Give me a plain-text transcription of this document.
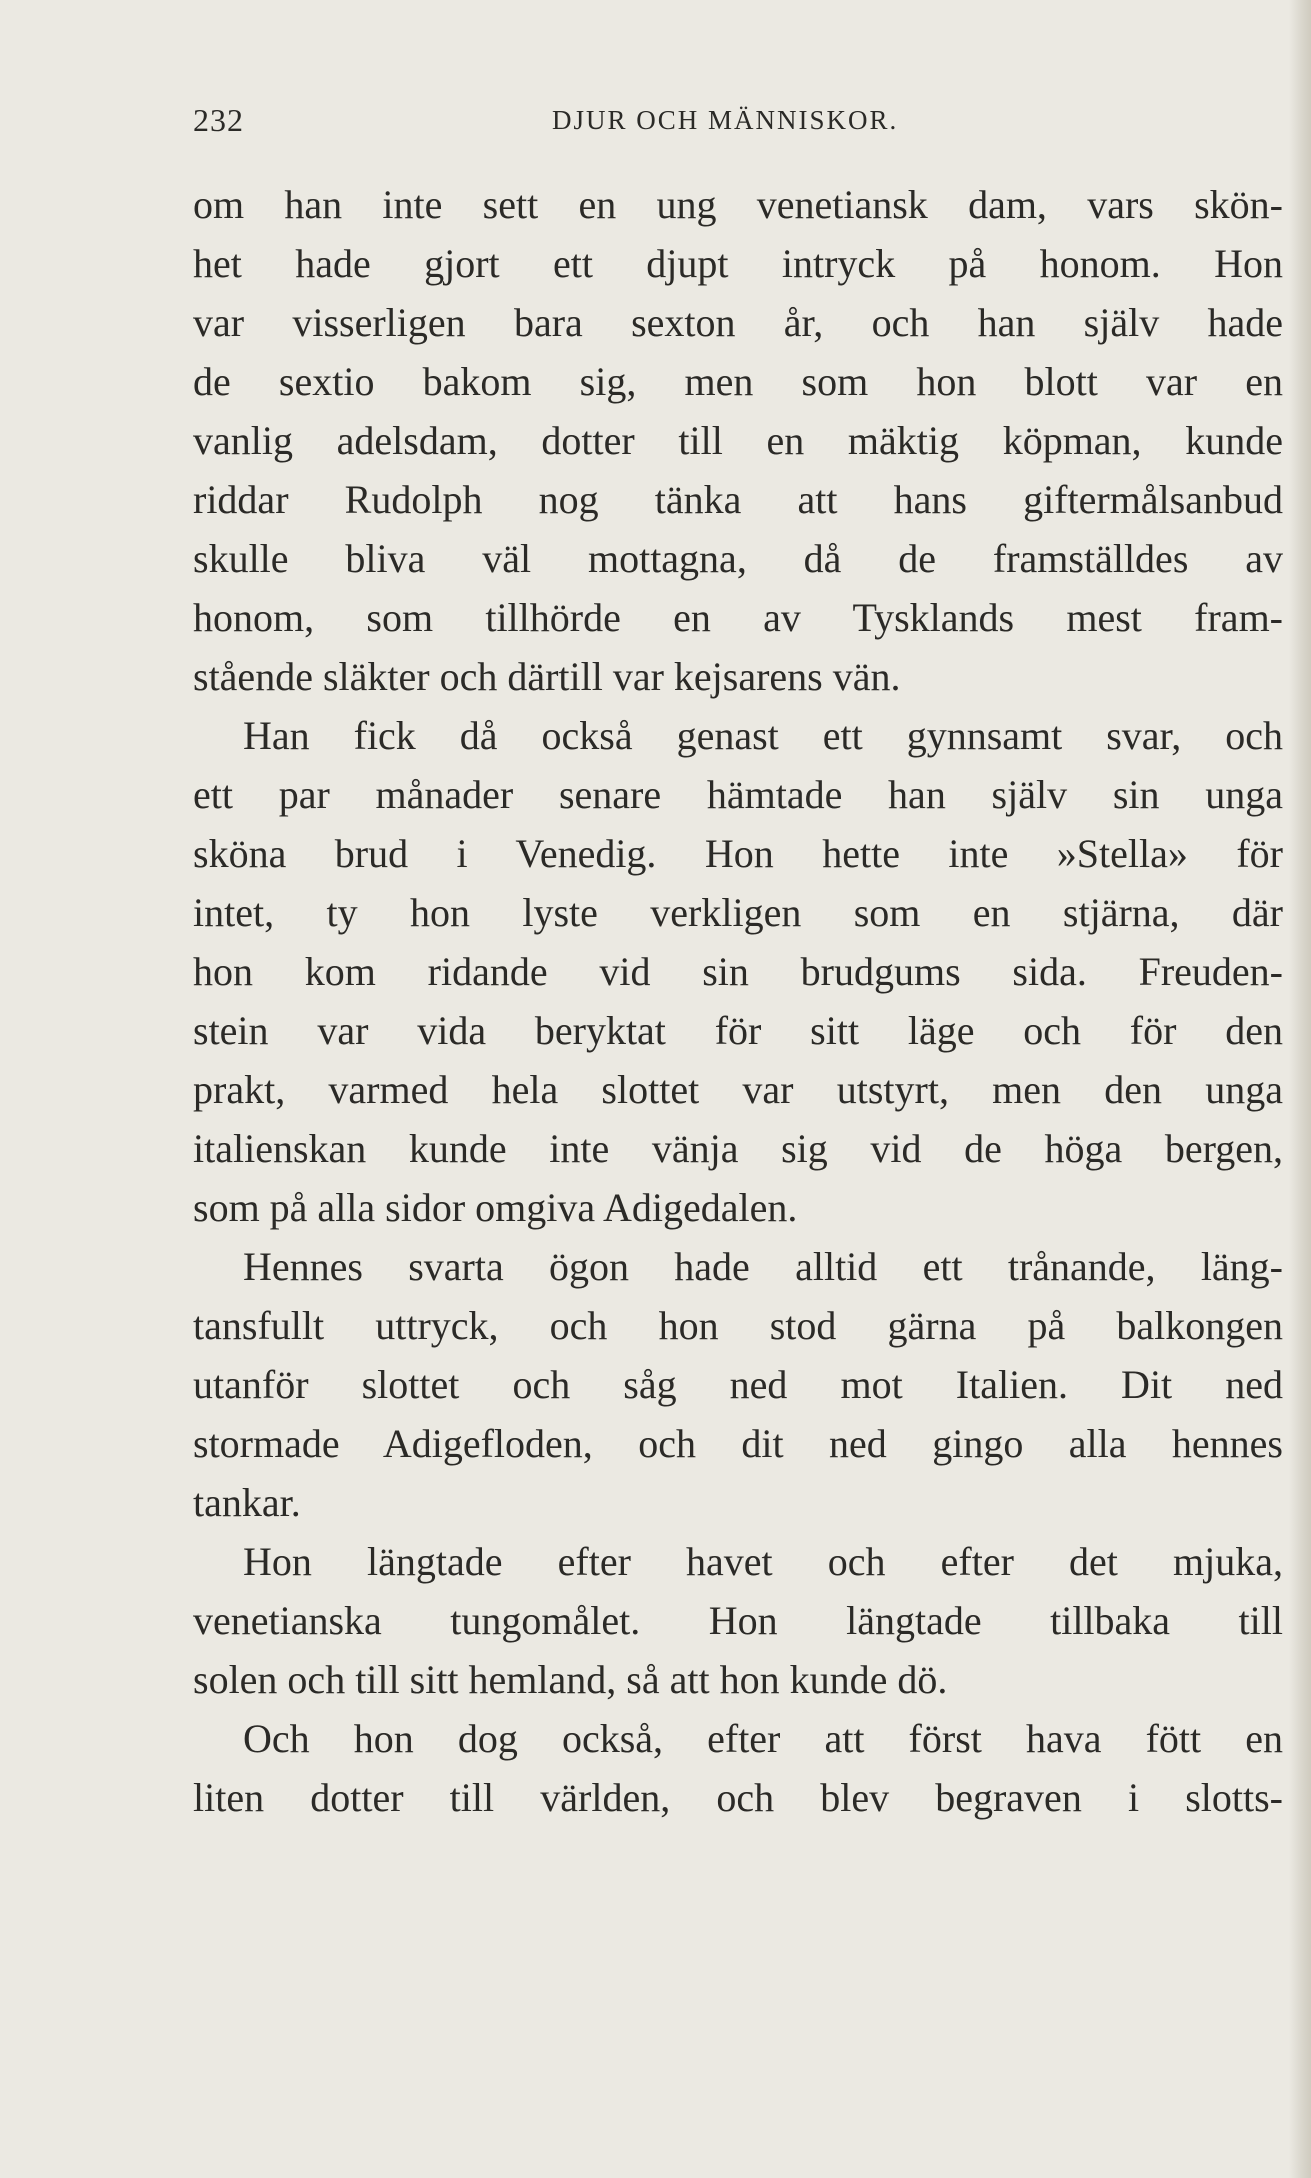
232	DJUR OCH MÄNNISKOR.
om han inte sett en ung venetiansk dam, vars skön-
het hade gjort ett djupt intryck på honom. Hon
var visserligen bara sexton år, och han själv hade
de sextio bakom sig, men som hon blott var en
vanlig adelsdam, dotter till en mäktig köpman, kunde
riddar Rudolph nog tänka att hans giftermålsanbud
skulle bliva väl mottagna, då de framställdes av
honom, som tillhörde en av Tysklands mest fram-
stående släkter och därtill var kejsarens vän.
Han fick då också genast ett gynnsamt svar, och
ett par månader senare hämtade han själv sin unga
sköna brud i Venedig. Hon hette inte »Stella» för
intet, ty hon lyste verkligen som en stjärna, där
hon kom ridande vid sin brudgums sida. Freuden-
stein var vida beryktat för sitt läge och för den
prakt, varmed hela slottet var utstyrt, men den unga
italienskan kunde inte vänja sig vid de höga bergen,
som på alla sidor omgiva Adigedalen.
Hennes svarta ögon hade alltid ett trånande, läng-
tansfullt uttryck, och hon stod gärna på balkongen
utanför slottet och såg ned mot Italien. Dit ned
stormade Adigefloden, och dit ned gingo alla hennes
tankar.
Hon längtade efter havet och efter det mjuka,
venetianska tungomålet. Hon längtade tillbaka till
solen och till sitt hemland, så att hon kunde dö.
Och hon dog också, efter att först hava fött en
liten dotter till världen, och blev begraven i slotts-
